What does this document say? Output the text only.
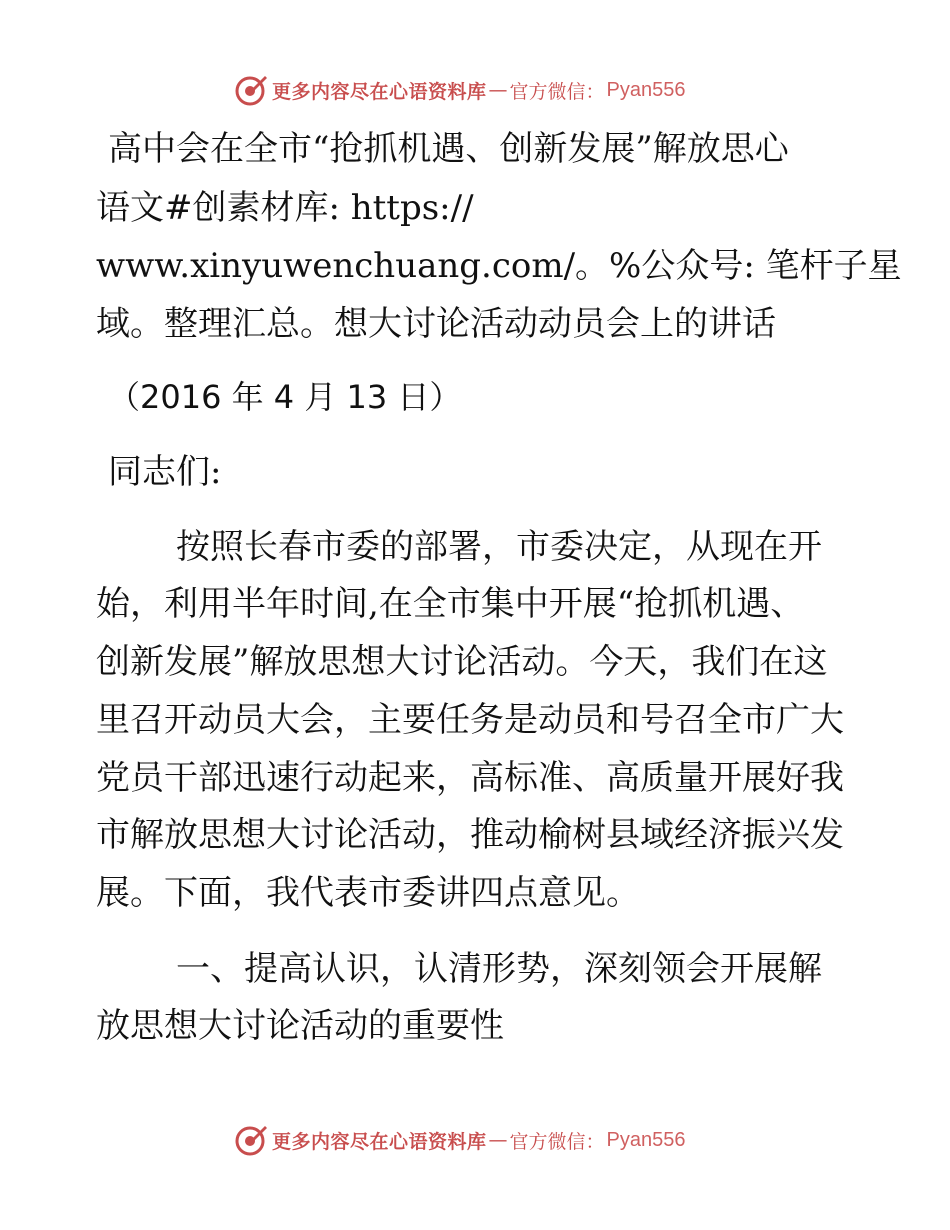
更多内容尽在心语资料库 — 官方微信： Pyan556
高中会在全市“抢抓机遇、创新发展”解放思心
语文#创素材库: https://
www.xinyuwenchuang.com/。%公众号: 笔杆子星
域。整理汇总。想大讨论活动动员会上的讲话
（2016 年 4 月 13 日）
同志们:
按照长春市委的部署，市委决定，从现在开
始，利用半年时间,在全市集中开展“抢抓机遇、
创新发展”解放思想大讨论活动。今天，我们在这
里召开动员大会，主要任务是动员和号召全市广大
党员干部迅速行动起来，高标准、高质量开展好我
市解放思想大讨论活动，推动榆树县域经济振兴发
展。下面，我代表市委讲四点意见。
一、提高认识，认清形势，深刻领会开展解
放思想大讨论活动的重要性
更多内容尽在心语资料库 — 官方微信： Pyan556
